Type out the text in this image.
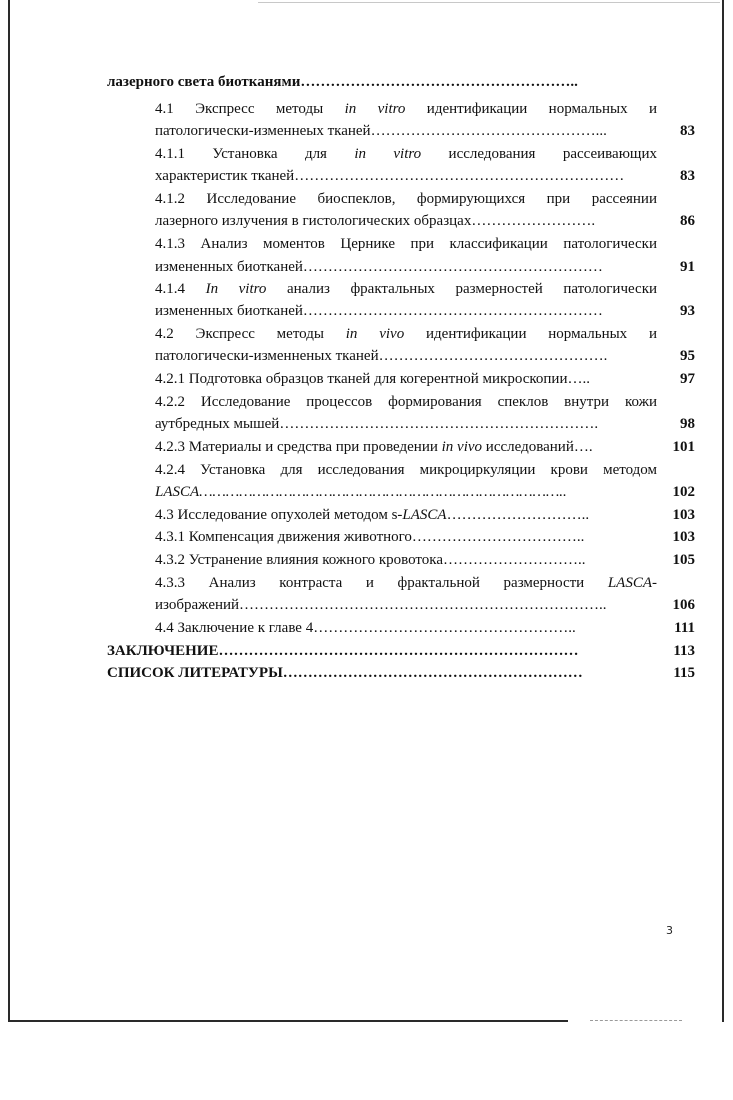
лазерного света биотканями………………………………………………..
4.1 Экспресс методы in vitro идентификации нормальных и
патологически-изменнеых тканей………………………………………...	83
4.1.1 Установка для in vitro исследования рассеивающих
характеристик тканей…………………………………………………………	83
4.1.2 Исследование биоспеклов, формирующихся при рассеянии
лазерного излучения в гистологических образцах…………………….	86
4.1.3 Анализ моментов Цернике при классификации патологически
измененных биотканей……………………………………………………	91
4.1.4 In vitro анализ фрактальных размерностей патологически
измененных биотканей……………………………………………………	93
4.2 Экспресс методы in vivo идентификации нормальных и
патологически-изменненых тканей……………………………………….	95
4.2.1 Подготовка образцов тканей для когерентной микроскопии…..	97
4.2.2 Исследование процессов формирования спеклов внутри кожи
аутбредных мышей……………………………………………………….	98
4.2.3 Материалы и средства при проведении in vivo исследований….	101
4.2.4 Установка для исследования микроциркуляции крови методом
LASCA………………………………………………………………………..	102
4.3 Исследование опухолей методом s-LASCA………………………..	103
4.3.1 Компенсация движения животного……………………………..	103
4.3.2 Устранение влияния кожного кровотока………………………..	105
4.3.3 Анализ контраста и фрактальной размерности LASCA-
изображений………………………………………………………………..	106
4.4 Заключение к главе 4……………………………………………..	111
ЗАКЛЮЧЕНИЕ………………………………………………………………	113
СПИСОК ЛИТЕРАТУРЫ……………………………………………………	115
3
